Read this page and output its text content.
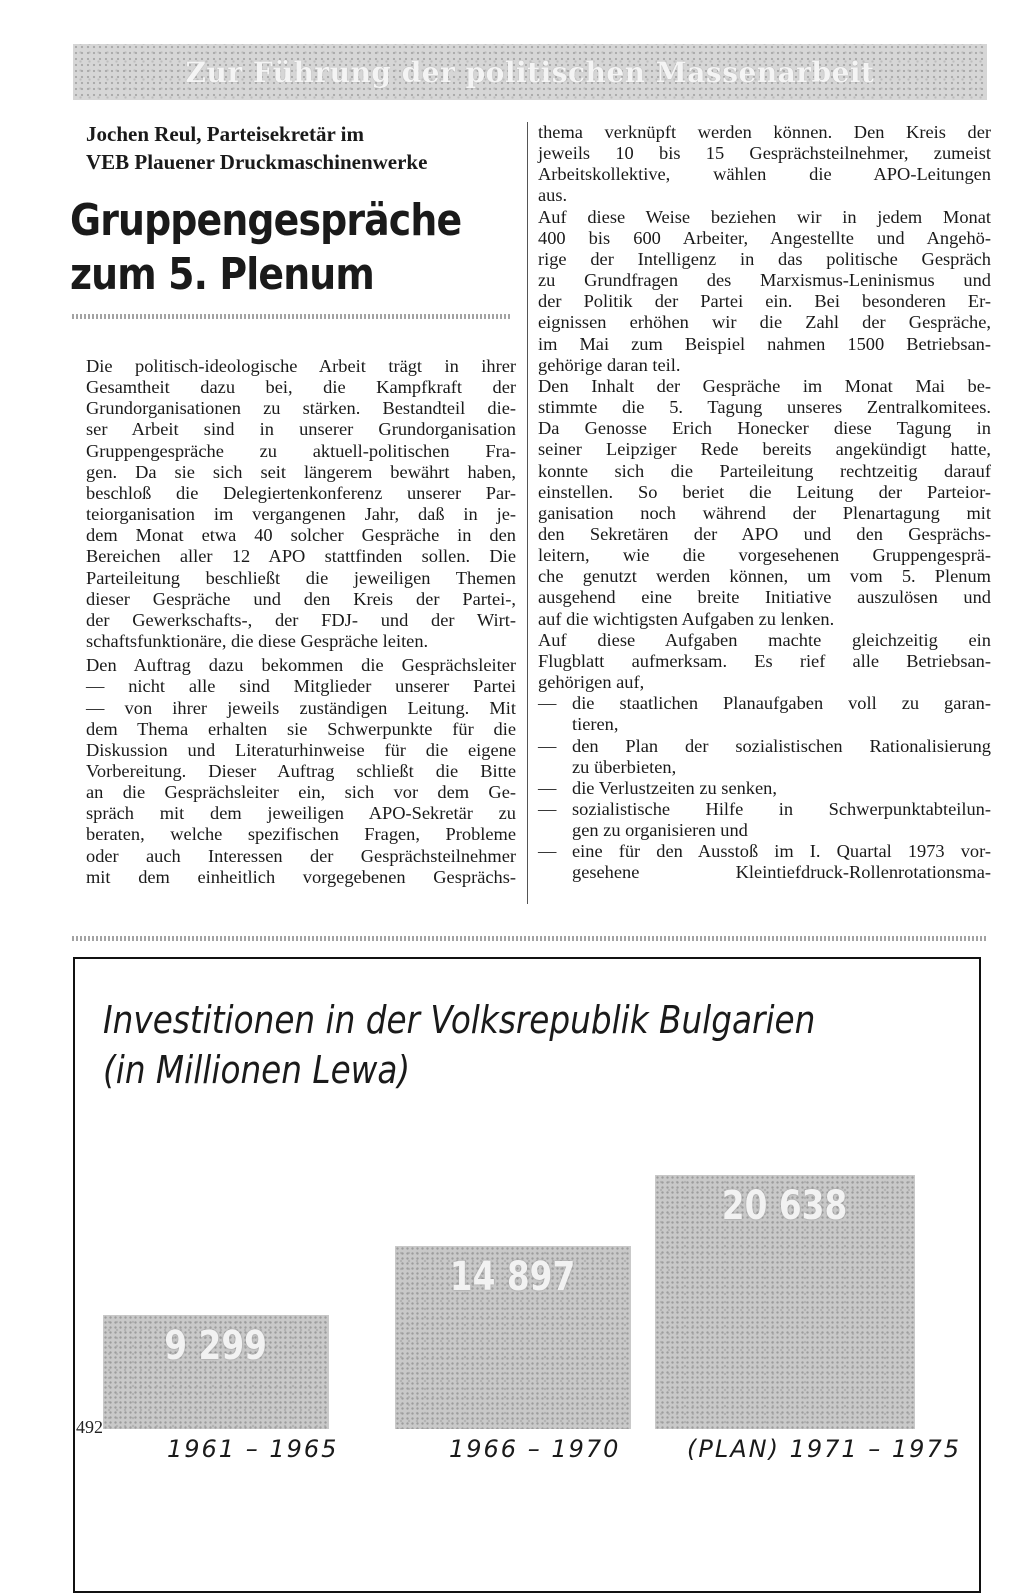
Zur Führung der politischen Massenarbeit
Jochen Reul, Parteisekretär im
VEB Plauener Druckmaschinenwerke
Gruppengespräche
zum 5. Plenum
Die politisch-ideologische Arbeit trägt in ihrer
Gesamtheit dazu bei, die Kampfkraft der
Grundorganisationen zu stärken. Bestandteil die-
ser Arbeit sind in unserer Grundorganisation
Gruppengespräche zu aktuell-politischen Fra-
gen. Da sie sich seit längerem bewährt haben,
beschloß die Delegiertenkonferenz unserer Par-
teiorganisation im vergangenen Jahr, daß in je-
dem Monat etwa 40 solcher Gespräche in den
Bereichen aller 12 APO stattfinden sollen. Die
Parteileitung beschließt die jeweiligen Themen
dieser Gespräche und den Kreis der Partei-,
der Gewerkschafts-, der FDJ- und der Wirt-
schaftsfunktionäre, die diese Gespräche leiten.
Den Auftrag dazu bekommen die Gesprächsleiter
— nicht alle sind Mitglieder unserer Partei
— von ihrer jeweils zuständigen Leitung. Mit
dem Thema erhalten sie Schwerpunkte für die
Diskussion und Literaturhinweise für die eigene
Vorbereitung. Dieser Auftrag schließt die Bitte
an die Gesprächsleiter ein, sich vor dem Ge-
spräch mit dem jeweiligen APO-Sekretär zu
beraten, welche spezifischen Fragen, Probleme
oder auch Interessen der Gesprächsteilnehmer
mit dem einheitlich vorgegebenen Gesprächs-
thema verknüpft werden können. Den Kreis der
jeweils 10 bis 15 Gesprächsteilnehmer, zumeist
Arbeitskollektive, wählen die APO-Leitungen
aus.
Auf diese Weise beziehen wir in jedem Monat
400 bis 600 Arbeiter, Angestellte und Angehö-
rige der Intelligenz in das politische Gespräch
zu Grundfragen des Marxismus-Leninismus und
der Politik der Partei ein. Bei besonderen Er-
eignissen erhöhen wir die Zahl der Gespräche,
im Mai zum Beispiel nahmen 1500 Betriebsan-
gehörige daran teil.
Den Inhalt der Gespräche im Monat Mai be-
stimmte die 5. Tagung unseres Zentralkomitees.
Da Genosse Erich Honecker diese Tagung in
seiner Leipziger Rede bereits angekündigt hatte,
konnte sich die Parteileitung rechtzeitig darauf
einstellen. So beriet die Leitung der Parteior-
ganisation noch während der Plenartagung mit
den Sekretären der APO und den Gesprächs-
leitern, wie die vorgesehenen Gruppengesprä-
che genutzt werden können, um vom 5. Plenum
ausgehend eine breite Initiative auszulösen und
auf die wichtigsten Aufgaben zu lenken.
Auf diese Aufgaben machte gleichzeitig ein
Flugblatt aufmerksam. Es rief alle Betriebsan-
gehörigen auf,
— die staatlichen Planaufgaben voll zu garan-
tieren,
— den Plan der sozialistischen Rationalisierung
zu überbieten,
— die Verlustzeiten zu senken,
— sozialistische Hilfe in Schwerpunktabteilun-
gen zu organisieren und
— eine für den Ausstoß im I. Quartal 1973 vor-
gesehene Kleintiefdruck-Rollenrotationsma-
Investitionen in der Volksrepublik Bulgarien
(in Millionen Lewa)
9 299
1961 – 1965
14 897
1966 – 1970
20 638
(PLAN) 1971 – 1975
492
